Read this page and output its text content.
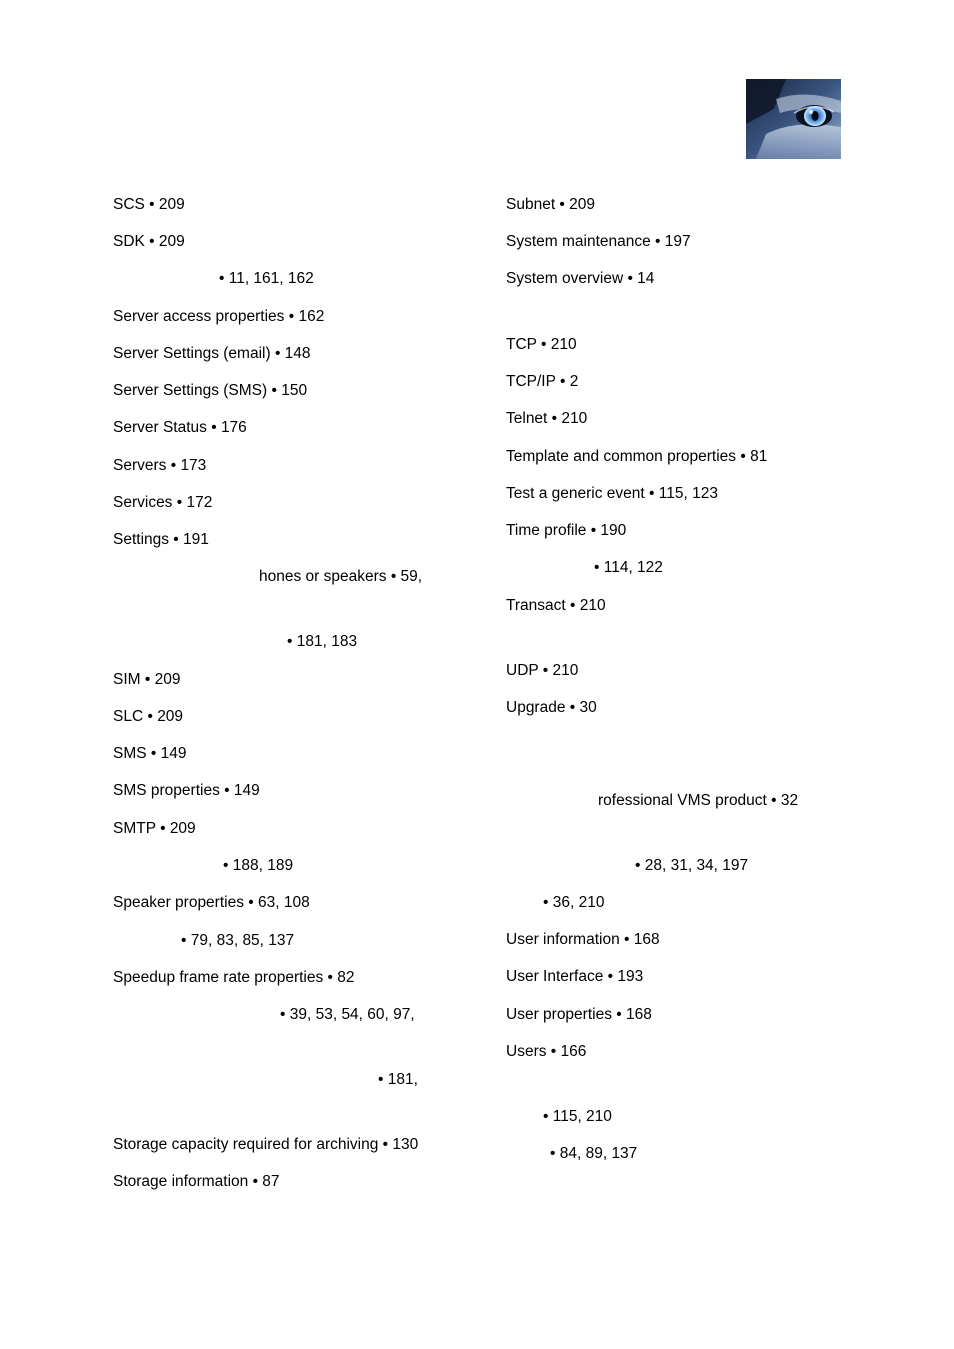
SCS • 209
SDK • 209
• 11, 161, 162
Server access properties • 162
Server Settings (email) • 148
Server Settings (SMS) • 150
Server Status • 176
Servers • 173
Services • 172
Settings • 191
hones or speakers • 59,
• 181, 183
SIM • 209
SLC • 209
SMS • 149
SMS properties • 149
SMTP • 209
• 188, 189
Speaker properties • 63, 108
• 79, 83, 85, 137
Speedup frame rate properties • 82
• 39, 53, 54, 60, 97,
• 181,
Storage capacity required for archiving • 130
Storage information • 87
Subnet • 209
System maintenance • 197
System overview • 14
TCP • 210
TCP/IP • 2
Telnet • 210
Template and common properties • 81
Test a generic event • 115, 123
Time profile • 190
• 114, 122
Transact • 210
UDP • 210
Upgrade • 30
rofessional VMS product • 32
• 28, 31, 34, 197
• 36, 210
User information • 168
User Interface • 193
User properties • 168
Users • 166
• 115, 210
• 84, 89, 137
